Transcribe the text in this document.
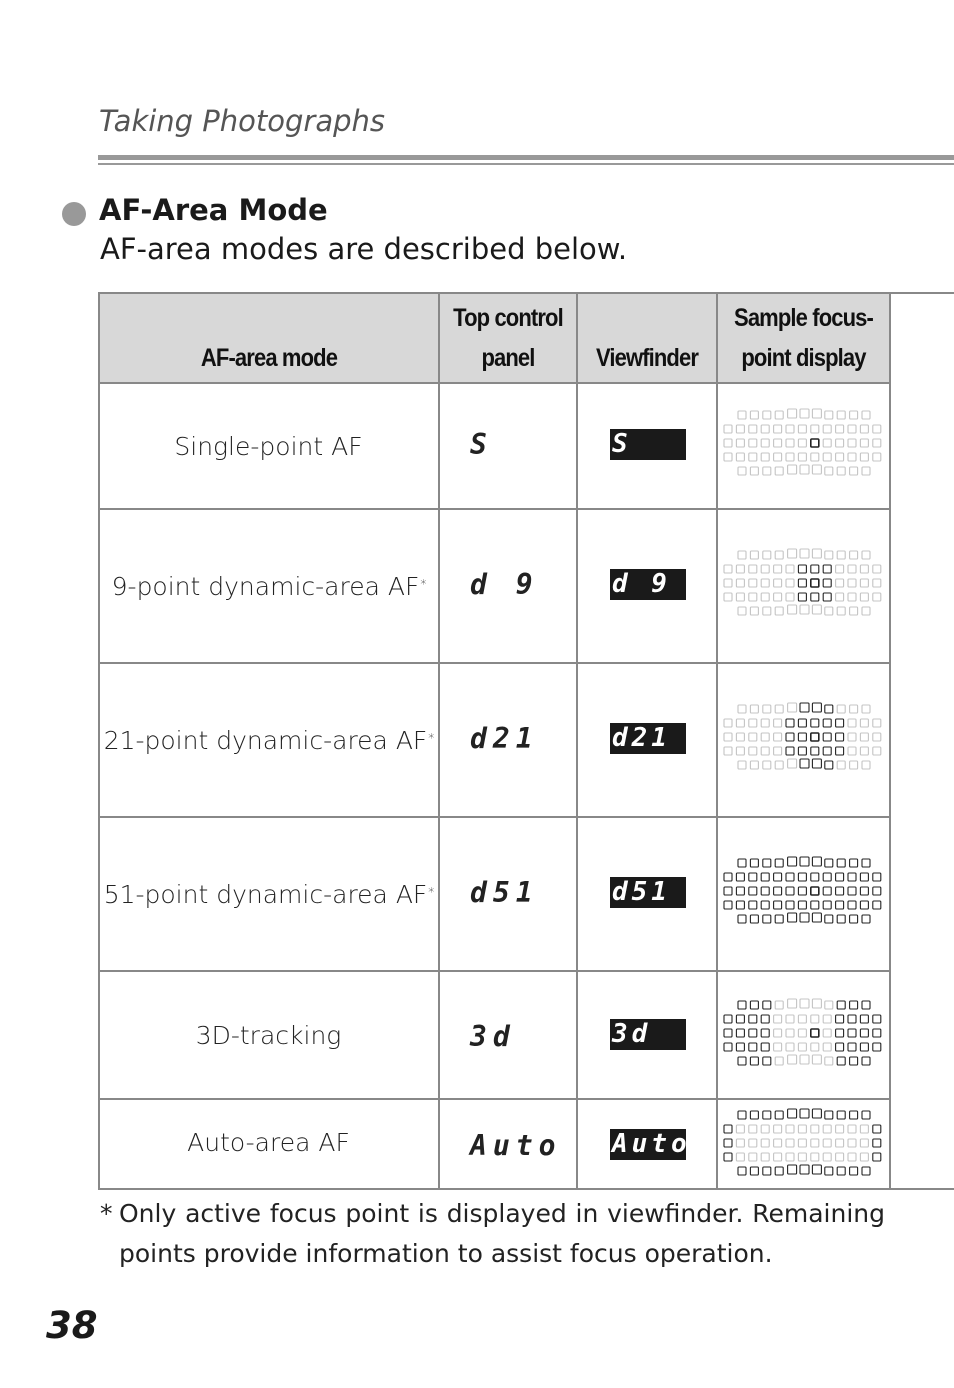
Taking Photographs
AF-Area Mode
AF-area modes are described below.
AF-area mode
Top control panel	Viewfinder
Sample focus-point display
Single-point AF
9-point dynamic-area AF*
21-point dynamic-area AF*
51-point dynamic-area AF*
3D-tracking
Auto-area AF
S
d 9
d21
d51
3d
Auto
S
d 9
d21
d51
3d
Auto
* Only active focus point is displayed in viewfinder. Remaining points provide information to assist focus operation.
38
